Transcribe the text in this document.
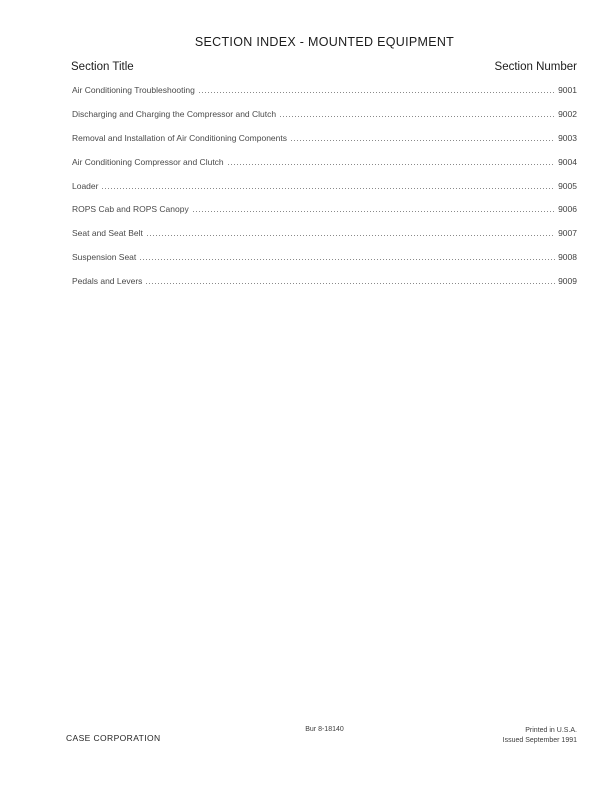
SECTION INDEX - MOUNTED EQUIPMENT
Section Title	Section Number
Air Conditioning Troubleshooting	9001
Discharging and Charging the Compressor and Clutch	9002
Removal and Installation of Air Conditioning Components	9003
Air Conditioning Compressor and Clutch	9004
Loader	9005
ROPS Cab and ROPS Canopy	9006
Seat and Seat Belt	9007
Suspension Seat	9008
Pedals and Levers	9009
CASE CORPORATION
Bur 8-18140	Printed in U.S.A.
Issued September 1991
